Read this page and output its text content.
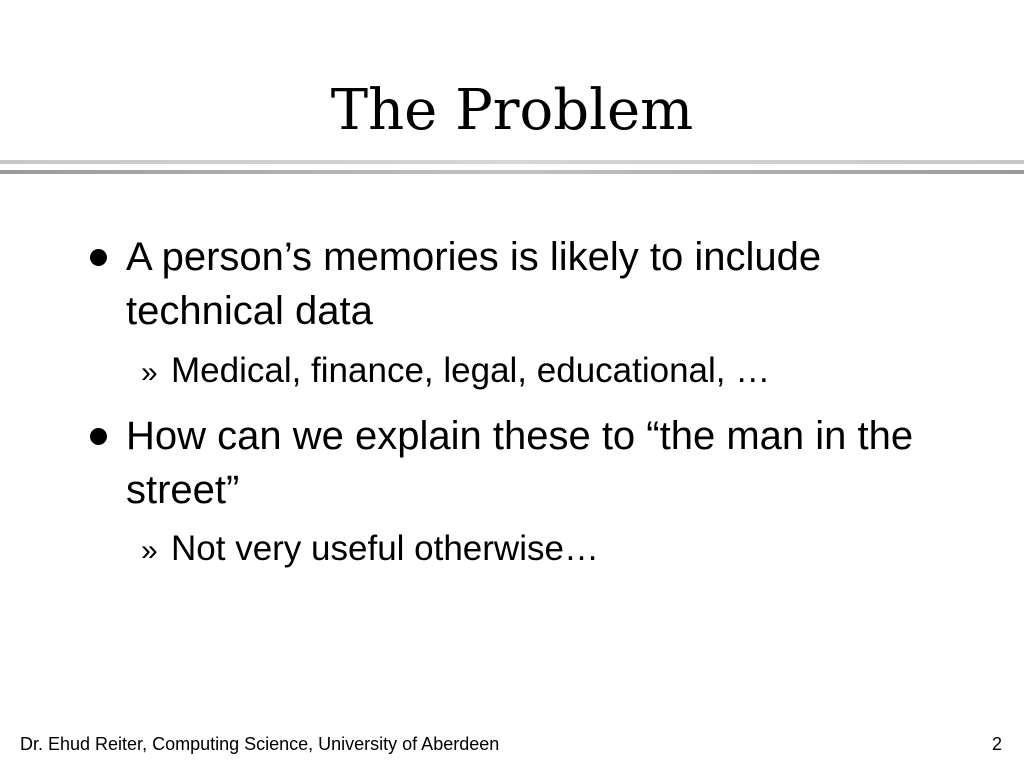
The Problem
A person’s memories is likely to include technical data
» Medical, finance, legal, educational, …
How can we explain these to “the man in the street”
» Not very useful otherwise…
Dr. Ehud Reiter, Computing Science, University of Aberdeen	2
